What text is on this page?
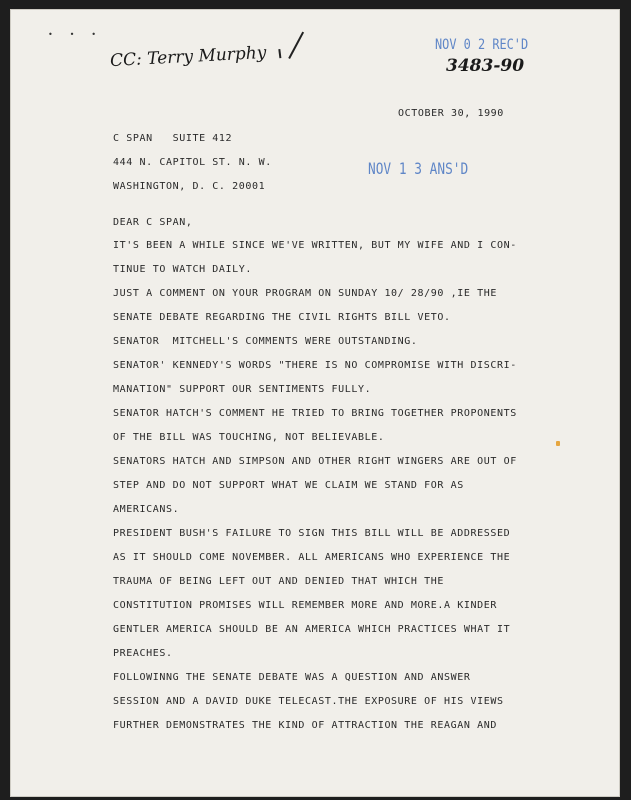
• • •
CC: Terry Murphy	NOV 0 2 REC'D
3483-90
OCTOBER 30, 1990
C SPAN   SUITE 412
444 N. CAPITOL ST. N. W.
WASHINGTON, D. C. 20001
NOV 1 3 ANS'D
DEAR C SPAN,
IT'S BEEN A WHILE SINCE WE'VE WRITTEN, BUT MY WIFE AND I CON-
TINUE TO WATCH DAILY.
JUST A COMMENT ON YOUR PROGRAM ON SUNDAY 10/ 28/90 ,IE THE
SENATE DEBATE REGARDING THE CIVIL RIGHTS BILL VETO.
SENATOR  MITCHELL'S COMMENTS WERE OUTSTANDING.
SENATOR' KENNEDY'S WORDS "THERE IS NO COMPROMISE WITH DISCRI-
MANATION" SUPPORT OUR SENTIMENTS FULLY.
SENATOR HATCH'S COMMENT HE TRIED TO BRING TOGETHER PROPONENTS
OF THE BILL WAS TOUCHING, NOT BELIEVABLE.
SENATORS HATCH AND SIMPSON AND OTHER RIGHT WINGERS ARE OUT OF
STEP AND DO NOT SUPPORT WHAT WE CLAIM WE STAND FOR AS
AMERICANS.
PRESIDENT BUSH'S FAILURE TO SIGN THIS BILL WILL BE ADDRESSED
AS IT SHOULD COME NOVEMBER. ALL AMERICANS WHO EXPERIENCE THE
TRAUMA OF BEING LEFT OUT AND DENIED THAT WHICH THE
CONSTITUTION PROMISES WILL REMEMBER MORE AND MORE.A KINDER
GENTLER AMERICA SHOULD BE AN AMERICA WHICH PRACTICES WHAT IT
PREACHES.
FOLLOWINNG THE SENATE DEBATE WAS A QUESTION AND ANSWER
SESSION AND A DAVID DUKE TELECAST.THE EXPOSURE OF HIS VIEWS
FURTHER DEMONSTRATES THE KIND OF ATTRACTION THE REAGAN AND
